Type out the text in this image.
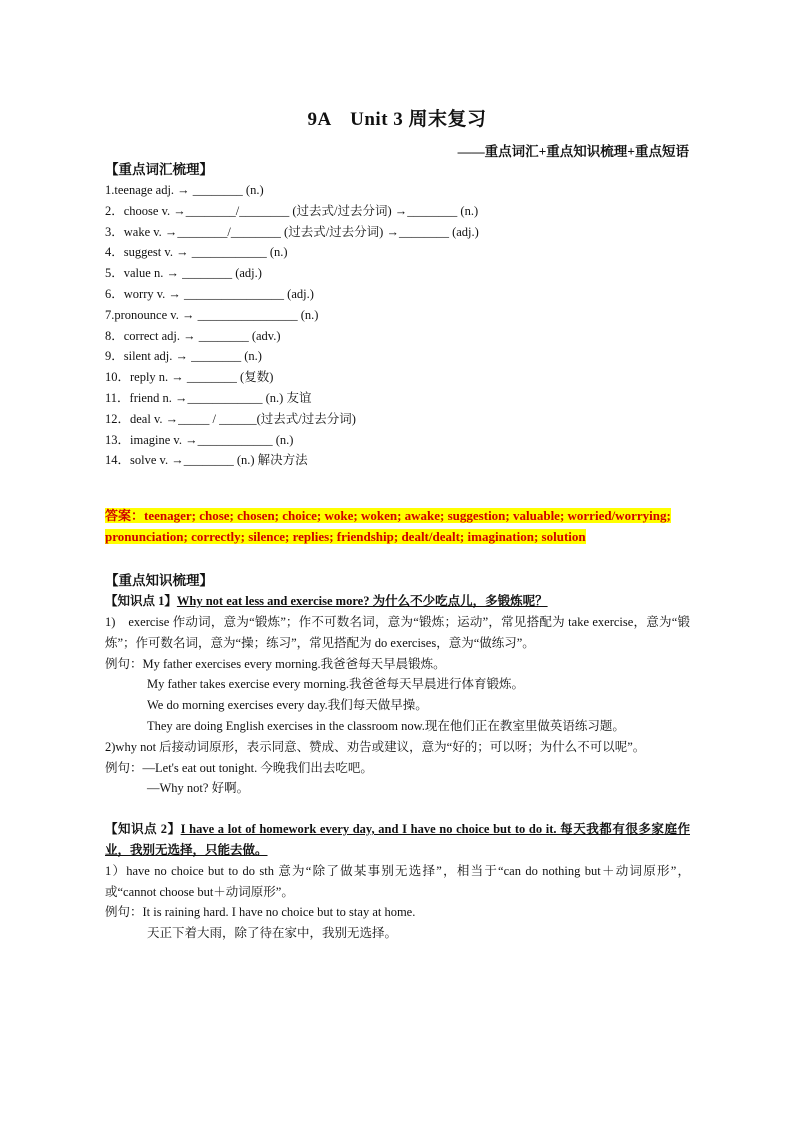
9A　Unit 3 周末复习
——重点词汇+重点知识梳理+重点短语
【重点词汇梳理】
1.teenage adj. → ________ (n.)
2．choose v. →________/________ (过去式/过去分词) →________ (n.)
3．wake v. →________/________ (过去式/过去分词) →________ (adj.)
4．suggest v. → ____________ (n.)
5．value n. → ________ (adj.)
6．worry v. → ________________ (adj.)
7.pronounce v. → ________________ (n.)
8．correct adj. → ________ (adv.)
9．silent adj. → ________ (n.)
10．reply n. → ________ (复数)
11．friend n. →____________ (n.) 友谊
12．deal v. →_____ / ______(过去式/过去分词)
13．imagine v. →____________ (n.)
14．solve v. →________ (n.) 解决方法
答案：teenager; chose; chosen; choice; woke; woken; awake; suggestion; valuable; worried/worrying; pronunciation; correctly; silence; replies; friendship; dealt/dealt; imagination; solution
【重点知识梳理】
【知识点 1】Why not eat less and exercise more? 为什么不少吃点儿，多锻炼呢？
1)　exercise 作动词，意为“锻炼”；作不可数名词，意为“锻炼；运动”，常见搭配为 take exercise，意为“锻炼”；作可数名词，意为“操；练习”，常见搭配为 do exercises，意为“做练习”。
例句：My father exercises every morning.我爸爸每天早晨锻炼。
My father takes exercise every morning.我爸爸每天早晨进行体育锻炼。
We do morning exercises every day.我们每天做早操。
They are doing English exercises in the classroom now.现在他们正在教室里做英语练习题。
2)why not 后接动词原形，表示同意、赞成、劝告或建议，意为“好的；可以呀；为什么不可以呢”。
例句：—Let's eat out tonight. 今晚我们出去吃吧。
—Why not? 好啊。
【知识点 2】I have a lot of homework every day, and I have no choice but to do it. 每天我都有很多家庭作业，我别无选择，只能去做。
1）have no choice but to do sth 意为“除了做某事别无选择”，相当于“can do nothing but＋动词原形”，或“cannot choose but＋动词原形”。
例句：It is raining hard. I have no choice but to stay at home.
天正下着大雨，除了待在家中，我别无选择。
